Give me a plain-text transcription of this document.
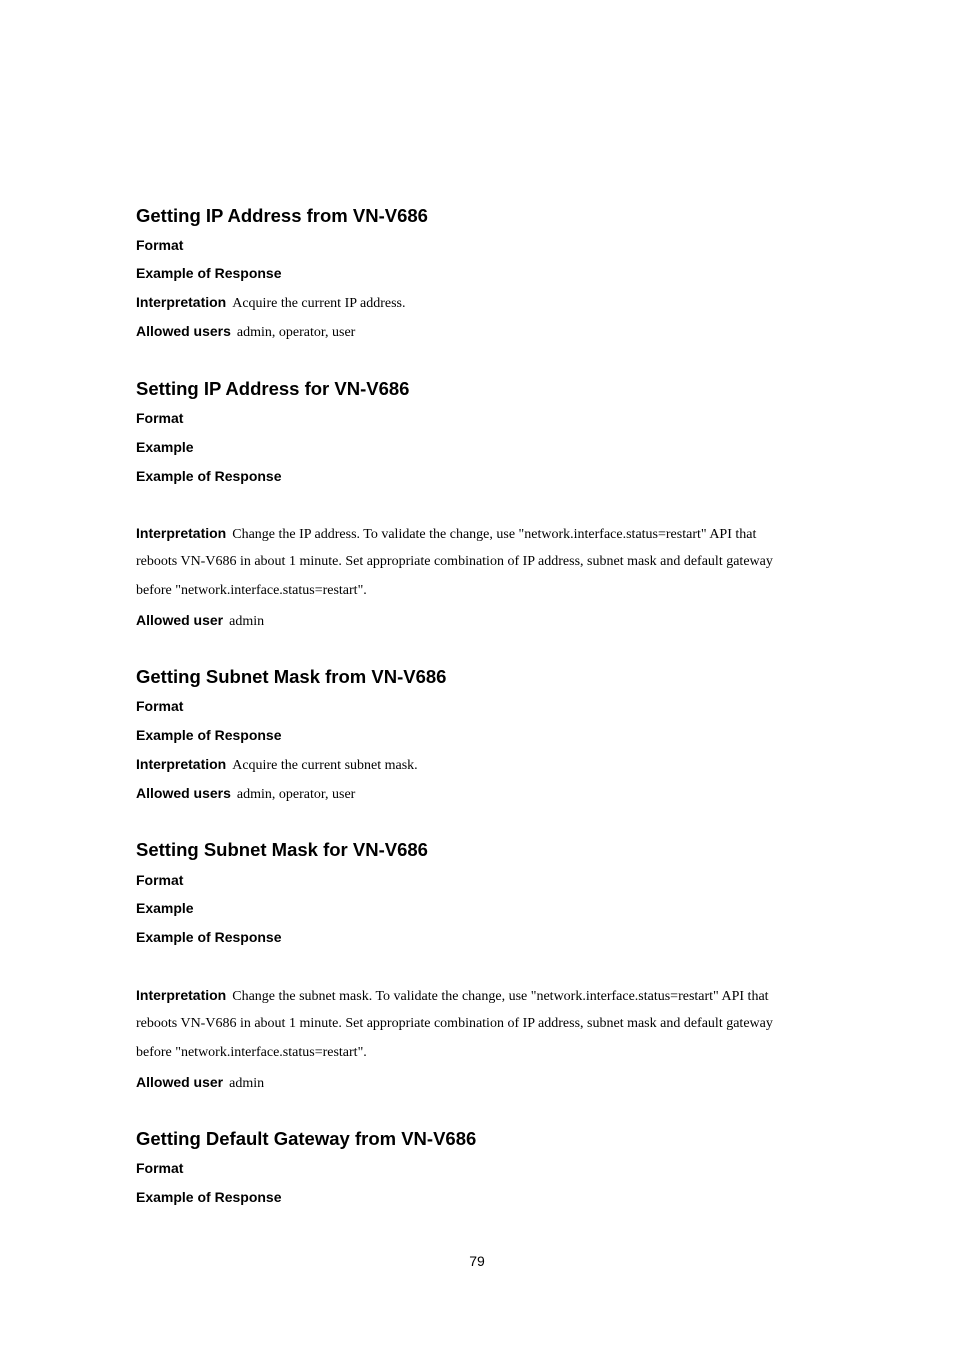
Getting IP Address from VN-V686
Format
Example of Response
Interpretation Acquire the current IP address.
Allowed users admin, operator, user
Setting IP Address for VN-V686
Format
Example
Example of Response
Interpretation Change the IP address. To validate the change, use "network.interface.status=restart" API that
reboots VN-V686 in about 1 minute. Set appropriate combination of IP address, subnet mask and default gateway
before "network.interface.status=restart".
Allowed user admin
Getting Subnet Mask from VN-V686
Format
Example of Response
Interpretation Acquire the current subnet mask.
Allowed users admin, operator, user
Setting Subnet Mask for VN-V686
Format
Example
Example of Response
Interpretation Change the subnet mask. To validate the change, use "network.interface.status=restart" API that
reboots VN-V686 in about 1 minute. Set appropriate combination of IP address, subnet mask and default gateway
before "network.interface.status=restart".
Allowed user admin
Getting Default Gateway from VN-V686
Format
Example of Response
79
